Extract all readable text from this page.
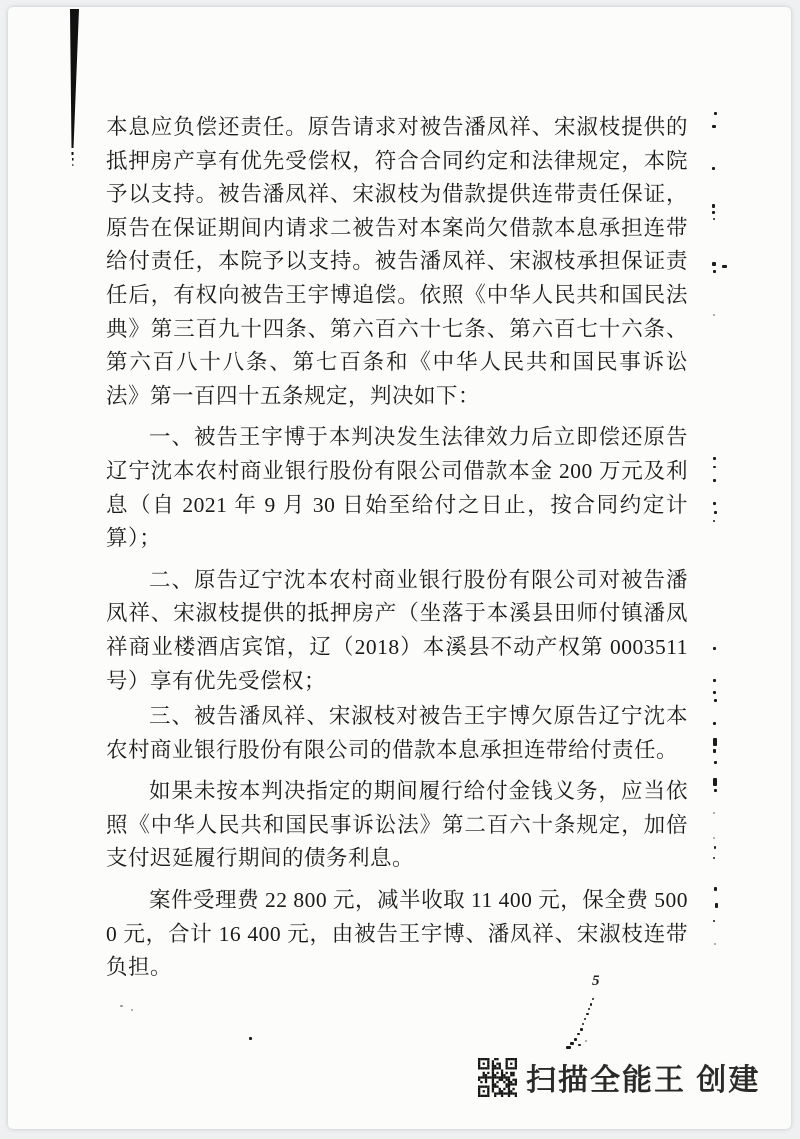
本息应负偿还责任。原告请求对被告潘凤祥、宋淑枝提供的抵押房产享有优先受偿权，符合合同约定和法律规定，本院予以支持。被告潘凤祥、宋淑枝为借款提供连带责任保证，原告在保证期间内请求二被告对本案尚欠借款本息承担连带给付责任，本院予以支持。被告潘凤祥、宋淑枝承担保证责任后，有权向被告王宇博追偿。依照《中华人民共和国民法典》第三百九十四条、第六百六十七条、第六百七十六条、第六百八十八条、第七百条和《中华人民共和国民事诉讼法》第一百四十五条规定，判决如下：

一、被告王宇博于本判决发生法律效力后立即偿还原告辽宁沈本农村商业银行股份有限公司借款本金 200 万元及利息（自 2021 年 9 月 30 日始至给付之日止，按合同约定计算）；

二、原告辽宁沈本农村商业银行股份有限公司对被告潘凤祥、宋淑枝提供的抵押房产（坐落于本溪县田师付镇潘凤祥商业楼酒店宾馆，辽（2018）本溪县不动产权第 0003511 号）享有优先受偿权；

三、被告潘凤祥、宋淑枝对被告王宇博欠原告辽宁沈本农村商业银行股份有限公司的借款本息承担连带给付责任。

如果未按本判决指定的期间履行给付金钱义务，应当依照《中华人民共和国民事诉讼法》第二百六十条规定，加倍支付迟延履行期间的债务利息。

案件受理费 22 800 元，减半收取 11 400 元，保全费 5000 元，合计 16 400 元，由被告王宇博、潘凤祥、宋淑枝连带负担。

5
扫描全能王 创建
